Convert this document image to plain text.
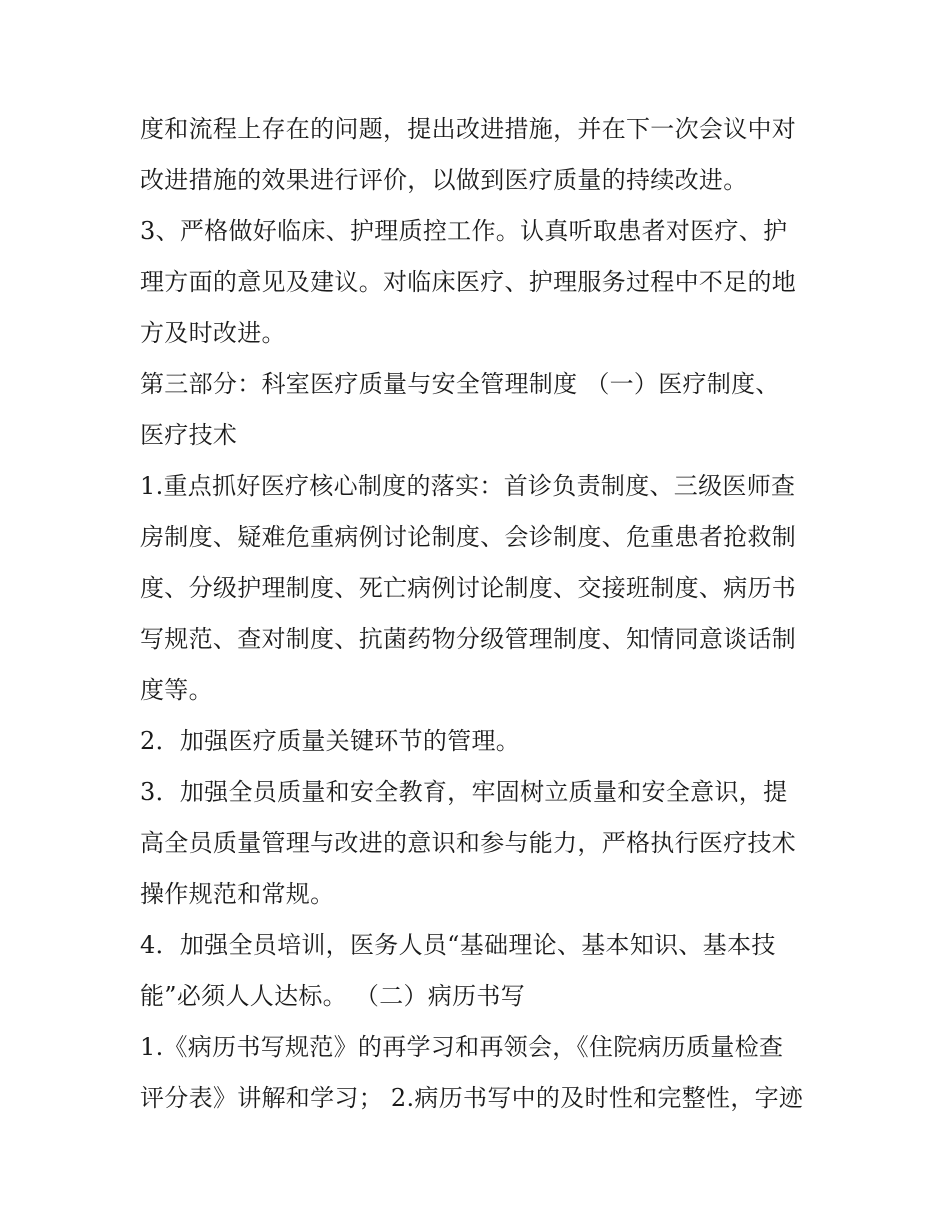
度和流程上存在的问题，提出改进措施，并在下一次会议中对
改进措施的效果进行评价，以做到医疗质量的持续改进。
3、严格做好临床、护理质控工作。认真听取患者对医疗、护
理方面的意见及建议。对临床医疗、护理服务过程中不足的地
方及时改进。
第三部分：科室医疗质量与安全管理制度 （一）医疗制度、
医疗技术
1.重点抓好医疗核心制度的落实：首诊负责制度、三级医师查
房制度、疑难危重病例讨论制度、会诊制度、危重患者抢救制
度、分级护理制度、死亡病例讨论制度、交接班制度、病历书
写规范、查对制度、抗菌药物分级管理制度、知情同意谈话制
度等。
2．加强医疗质量关键环节的管理。
3．加强全员质量和安全教育，牢固树立质量和安全意识，提
高全员质量管理与改进的意识和参与能力，严格执行医疗技术
操作规范和常规。
4．加强全员培训，医务人员“基础理论、基本知识、基本技
能”必须人人达标。 （二）病历书写
1.《病历书写规范》的再学习和再领会，《住院病历质量检查
评分表》讲解和学习； 2.病历书写中的及时性和完整性，字迹
